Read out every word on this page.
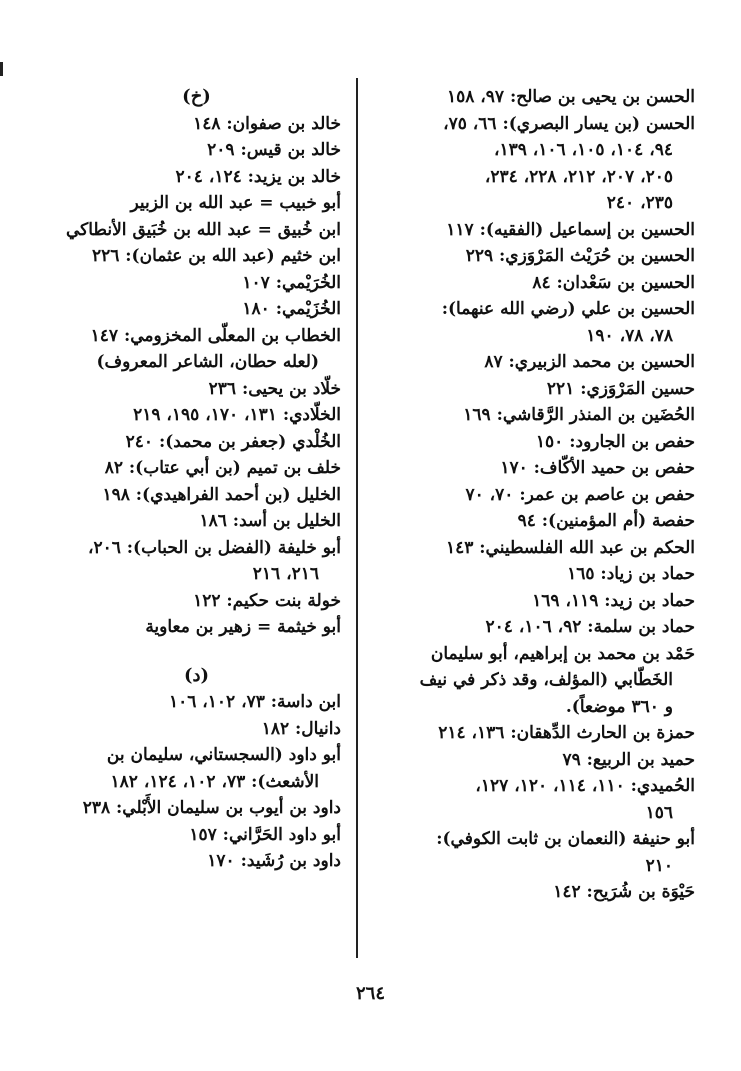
الحسن بن يحيى بن صالح: ٩٧، ١٥٨
الحسن (بن يسار البصري): ٦٦، ٧٥،
٩٤، ١٠٤، ١٠٥، ١٠٦، ١٣٩،
٢٠٥، ٢٠٧، ٢١٢، ٢٢٨، ٢٣٤،
٢٣٥، ٢٤٠
الحسين بن إسماعيل (الفقيه): ١١٧
الحسين بن حُرَيْث المَرْوَزي: ٢٢٩
الحسين بن سَعْدان: ٨٤
الحسين بن علي (رضي الله عنهما):
٧٨، ٧٨، ١٩٠
الحسين بن محمد الزبيري: ٨٧
حسين المَرْوَزي: ٢٢١
الحُضَين بن المنذر الرَّقاشي: ١٦٩
حفص بن الجارود: ١٥٠
حفص بن حميد الأكّاف: ١٧٠
حفص بن عاصم بن عمر: ٧٠، ٧٠
حفصة (أم المؤمنين): ٩٤
الحكم بن عبد الله الفلسطيني: ١٤٣
حماد بن زياد: ١٦٥
حماد بن زيد: ١١٩، ١٦٩
حماد بن سلمة: ٩٢، ١٠٦، ٢٠٤
حَمْد بن محمد بن إبراهيم، أبو سليمان
الخَطّابي (المؤلف، وقد ذكر في نيف
و ٣٦٠ موضعاً).
حمزة بن الحارث الدِّهقان: ١٣٦، ٢١٤
حميد بن الربيع: ٧٩
الحُميدي: ١١٠، ١١٤، ١٢٠، ١٢٧،
١٥٦
أبو حنيفة (النعمان بن ثابت الكوفي):
٢١٠
حَيْوَة بن شُرَيح: ١٤٢
(خ)
خالد بن صفوان: ١٤٨
خالد بن قيس: ٢٠٩
خالد بن يزيد: ١٢٤، ٢٠٤
أبو خبيب = عبد الله بن الزبير
ابن خُبيق = عبد الله بن خُبَيق الأنطاكي
ابن خثيم (عبد الله بن عثمان): ٢٢٦
الخُرَيْمي: ١٠٧
الخُزَيْمي: ١٨٠
الخطاب بن المعلّى المخزومي: ١٤٧
(لعله حطان، الشاعر المعروف)
خلّاد بن يحيى: ٢٣٦
الخلّادي: ١٣١، ١٧٠، ١٩٥، ٢١٩
الخُلْدي (جعفر بن محمد): ٢٤٠
خلف بن تميم (بن أبي عتاب): ٨٢
الخليل (بن أحمد الفراهيدي): ١٩٨
الخليل بن أسد: ١٨٦
أبو خليفة (الفضل بن الحباب): ٢٠٦،
٢١٦، ٢١٦
خولة بنت حكيم: ١٢٢
أبو خيثمة = زهير بن معاوية
(د)
ابن داسة: ٧٣، ١٠٢، ١٠٦
دانيال: ١٨٢
أبو داود (السجستاني، سليمان بن
الأشعث): ٧٣، ١٠٢، ١٢٤، ١٨٢
داود بن أيوب بن سليمان الأَبْلي: ٢٣٨
أبو داود الحَرَّاني: ١٥٧
داود بن رُشَيد: ١٧٠
٢٦٤
